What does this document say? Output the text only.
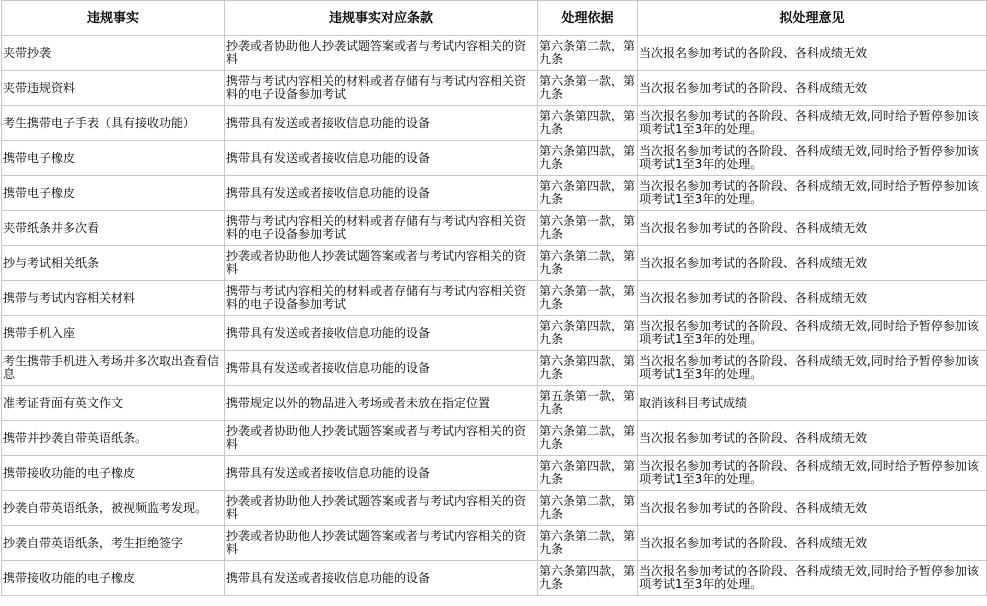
违规事实	违规事实对应条款	处理依据	拟处理意见
夹带抄袭	抄袭或者协助他人抄袭试题答案或者与考试内容相关的资料	第六条第二款，第九条	当次报名参加考试的各阶段、各科成绩无效
夹带违规资料	携带与考试内容相关的材料或者存储有与考试内容相关资料的电子设备参加考试	第六条第一款，第九条	当次报名参加考试的各阶段、各科成绩无效
考生携带电子手表（具有接收功能）	携带具有发送或者接收信息功能的设备	第六条第四款，第九条	当次报名参加考试的各阶段、各科成绩无效,同时给予暂停参加该项考试1至3年的处理。
携带电子橡皮	携带具有发送或者接收信息功能的设备	第六条第四款，第九条	当次报名参加考试的各阶段、各科成绩无效,同时给予暂停参加该项考试1至3年的处理。
携带电子橡皮	携带具有发送或者接收信息功能的设备	第六条第四款，第九条	当次报名参加考试的各阶段、各科成绩无效,同时给予暂停参加该项考试1至3年的处理。
夹带纸条并多次看	携带与考试内容相关的材料或者存储有与考试内容相关资料的电子设备参加考试	第六条第一款，第九条	当次报名参加考试的各阶段、各科成绩无效
抄与考试相关纸条	抄袭或者协助他人抄袭试题答案或者与考试内容相关的资料	第六条第二款，第九条	当次报名参加考试的各阶段、各科成绩无效
携带与考试内容相关材料	携带与考试内容相关的材料或者存储有与考试内容相关资料的电子设备参加考试	第六条第一款，第九条	当次报名参加考试的各阶段、各科成绩无效
携带手机入座	携带具有发送或者接收信息功能的设备	第六条第四款，第九条	当次报名参加考试的各阶段、各科成绩无效,同时给予暂停参加该项考试1至3年的处理。
考生携带手机进入考场并多次取出查看信息	携带具有发送或者接收信息功能的设备	第六条第四款，第九条	当次报名参加考试的各阶段、各科成绩无效,同时给予暂停参加该项考试1至3年的处理。
准考证背面有英文作文	携带规定以外的物品进入考场或者未放在指定位置	第五条第一款，第九条	取消该科目考试成绩
携带并抄袭自带英语纸条。	抄袭或者协助他人抄袭试题答案或者与考试内容相关的资料	第六条第二款，第九条	当次报名参加考试的各阶段、各科成绩无效
携带接收功能的电子橡皮	携带具有发送或者接收信息功能的设备	第六条第四款，第九条	当次报名参加考试的各阶段、各科成绩无效,同时给予暂停参加该项考试1至3年的处理。
抄袭自带英语纸条，被视频监考发现。	抄袭或者协助他人抄袭试题答案或者与考试内容相关的资料	第六条第二款，第九条	当次报名参加考试的各阶段、各科成绩无效
抄袭自带英语纸条，考生拒绝签字	抄袭或者协助他人抄袭试题答案或者与考试内容相关的资料	第六条第二款，第九条	当次报名参加考试的各阶段、各科成绩无效
携带接收功能的电子橡皮	携带具有发送或者接收信息功能的设备	第六条第四款，第九条	当次报名参加考试的各阶段、各科成绩无效,同时给予暂停参加该项考试1至3年的处理。
